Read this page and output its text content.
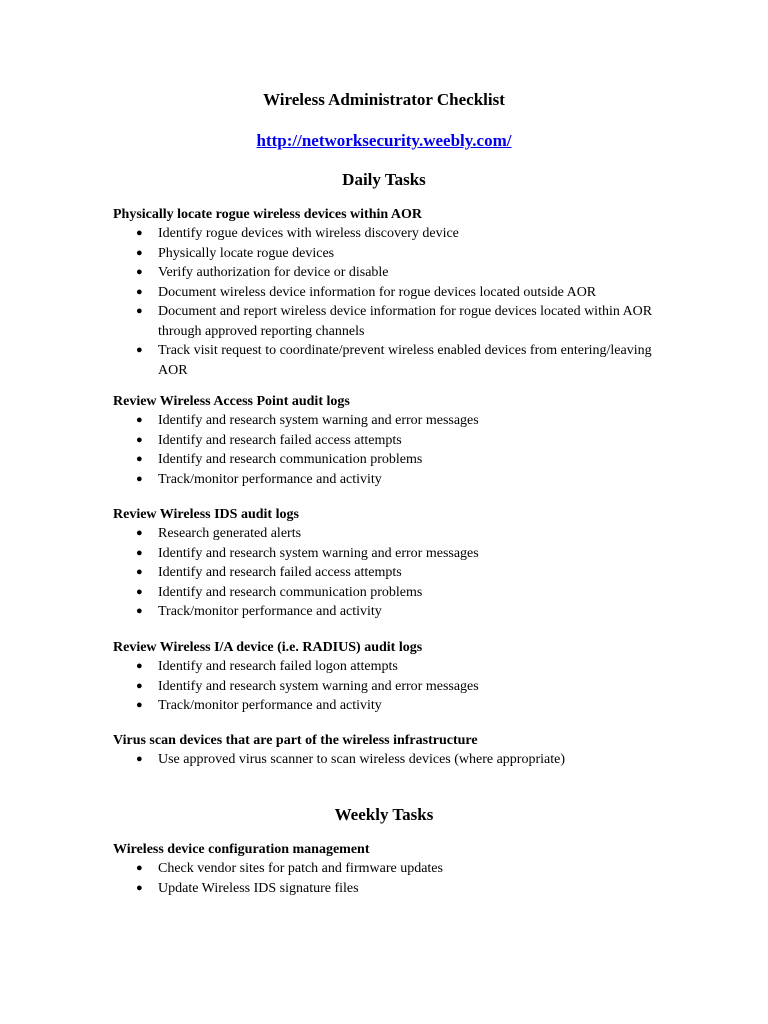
Wireless Administrator Checklist
http://networksecurity.weebly.com/
Daily Tasks

Physically locate rogue wireless devices within AOR

● Identify rogue devices with wireless discovery device
● Physically locate rogue devices
● Verify authorization for device or disable
● Document wireless device information for rogue devices located outside AOR
● Document and report wireless device information for rogue devices located within AOR through approved reporting channels
● Track visit request to coordinate/prevent wireless enabled devices from entering/leaving AOR

Review Wireless Access Point audit logs

● Identify and research system warning and error messages
● Identify and research failed access attempts
● Identify and research communication problems
● Track/monitor performance and activity

Review Wireless IDS audit logs

● Research generated alerts
● Identify and research system warning and error messages
● Identify and research failed access attempts
● Identify and research communication problems
● Track/monitor performance and activity

Review Wireless I/A device (i.e. RADIUS) audit logs

● Identify and research failed logon attempts
● Identify and research system warning and error messages
● Track/monitor performance and activity

Virus scan devices that are part of the wireless infrastructure

● Use approved virus scanner to scan wireless devices (where appropriate)
Weekly Tasks

Wireless device configuration management

● Check vendor sites for patch and firmware updates
● Update Wireless IDS signature files
